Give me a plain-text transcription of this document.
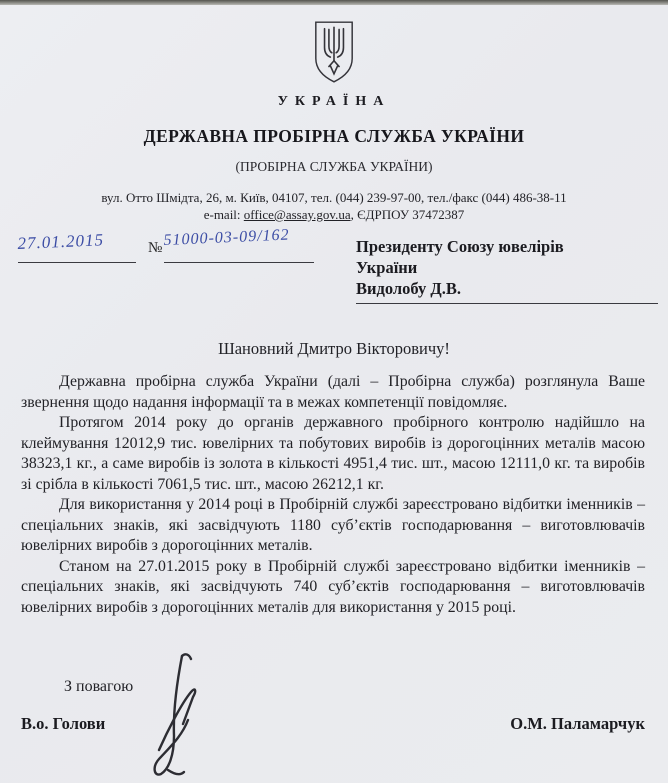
УКРАЇНА
ДЕРЖАВНА ПРОБІРНА СЛУЖБА УКРАЇНИ
(ПРОБІРНА СЛУЖБА УКРАЇНИ)
вул. Отто Шмідта, 26, м. Київ, 04107, тел. (044) 239-97-00, тел./факс (044) 486-38-11
e-mail: office@assay.gov.ua, ЄДРПОУ 37472387
27.01.2015	№ 51000-03-09/162	Президенту Союзу ювелірів
України
Видолобу Д.В.
Шановний Дмитро Вікторовичу!

Державна пробірна служба України (далі – Пробірна служба) розглянула Ваше звернення щодо надання інформації та в межах компетенції повідомляє.

Протягом 2014 року до органів державного пробірного контролю надійшло на клеймування 12012,9 тис. ювелірних та побутових виробів із дорогоцінних металів масою 38323,1 кг., а саме виробів із золота в кількості 4951,4 тис. шт., масою 12111,0 кг. та виробів зі срібла в кількості 7061,5 тис. шт., масою 26212,1 кг.

Для використання у 2014 році в Пробірній службі зареєстровано відбитки іменників – спеціальних знаків, які засвідчують 1180 суб’єктів господарювання – виготовлювачів ювелірних виробів з дорогоцінних металів.

Станом на 27.01.2015 року в Пробірній службі зареєстровано відбитки іменників – спеціальних знаків, які засвідчують 740 суб’єктів господарювання – виготовлювачів ювелірних виробів з дорогоцінних металів для використання у 2015 році.

З повагою
В.о. Голови	О.М. Паламарчук
